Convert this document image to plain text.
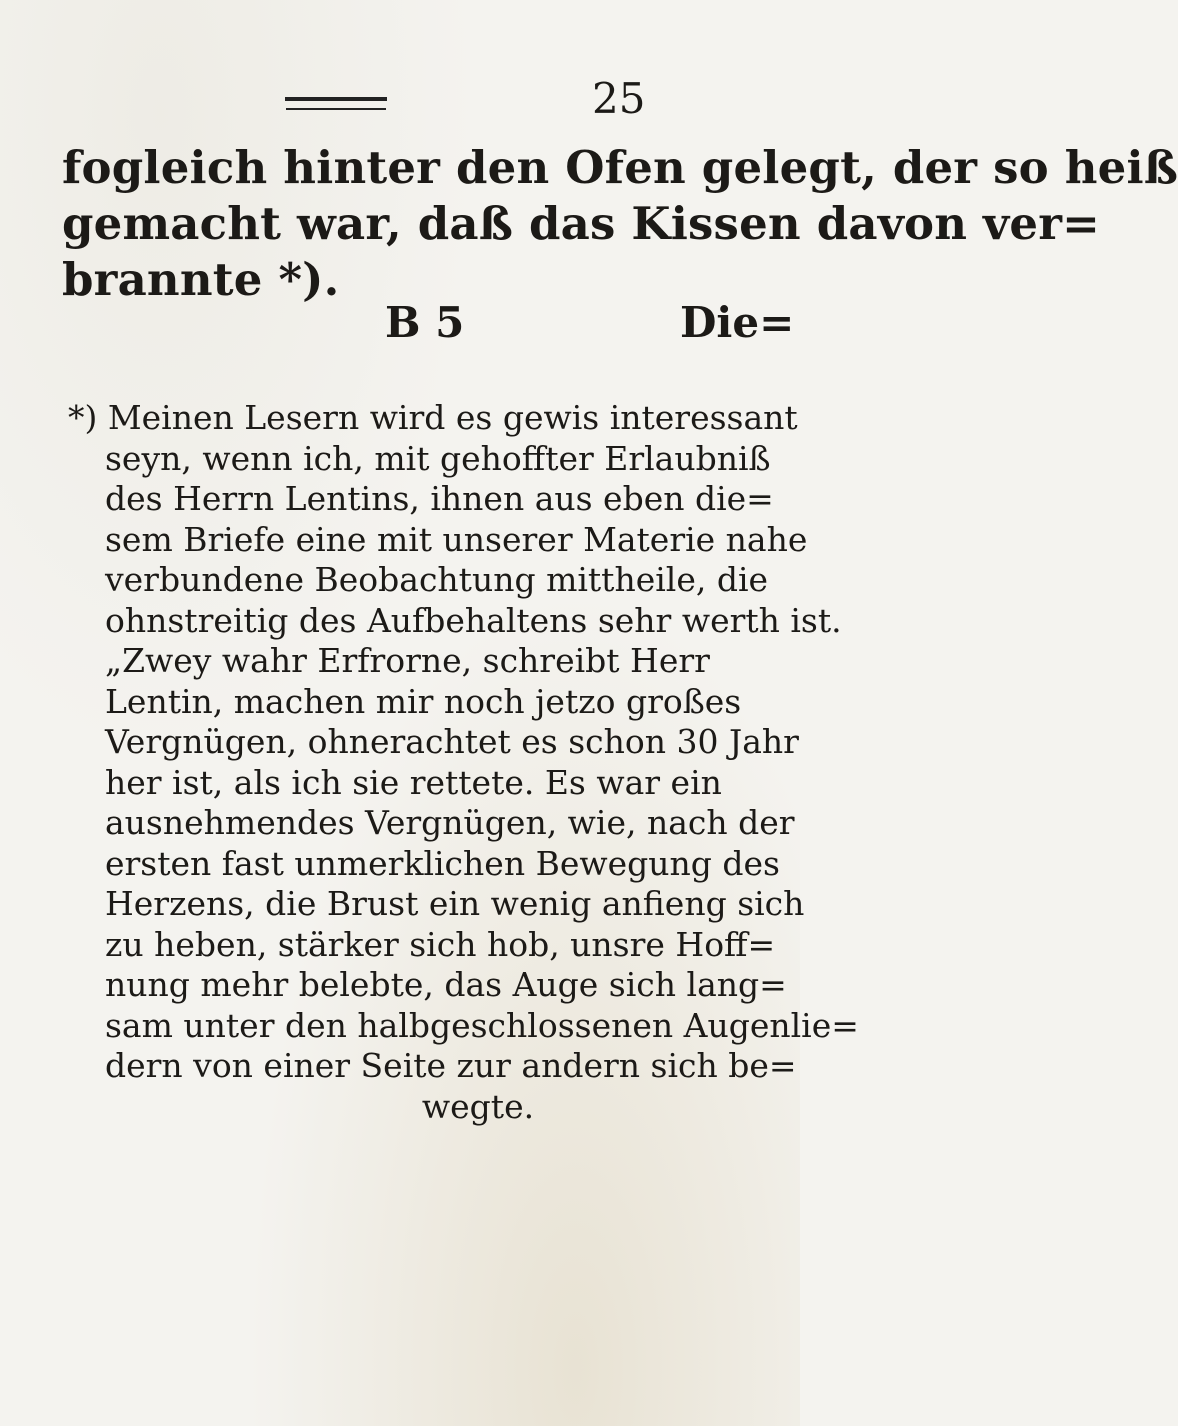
25

fogleich hinter den Ofen gelegt, der so heiß
gemacht war, daß das Kissen davon ver=
brannte *).

B 5	Die=

*) Meinen Lesern wird es gewis interessant
seyn, wenn ich, mit gehoffter Erlaubniß
des Herrn Lentins, ihnen aus eben die=
sem Briefe eine mit unserer Materie nahe
verbundene Beobachtung mittheile, die
ohnstreitig des Aufbehaltens sehr werth ist.
„Zwey wahr Erfrorne, schreibt Herr
Lentin, machen mir noch jetzo großes
Vergnügen, ohnerachtet es schon 30 Jahr
her ist, als ich sie rettete. Es war ein
ausnehmendes Vergnügen, wie, nach der
ersten fast unmerklichen Bewegung des
Herzens, die Brust ein wenig anfieng sich
zu heben, stärker sich hob, unsre Hoff=
nung mehr belebte, das Auge sich lang=
sam unter den halbgeschlossenen Augenlie=
dern von einer Seite zur andern sich be=
wegte.
